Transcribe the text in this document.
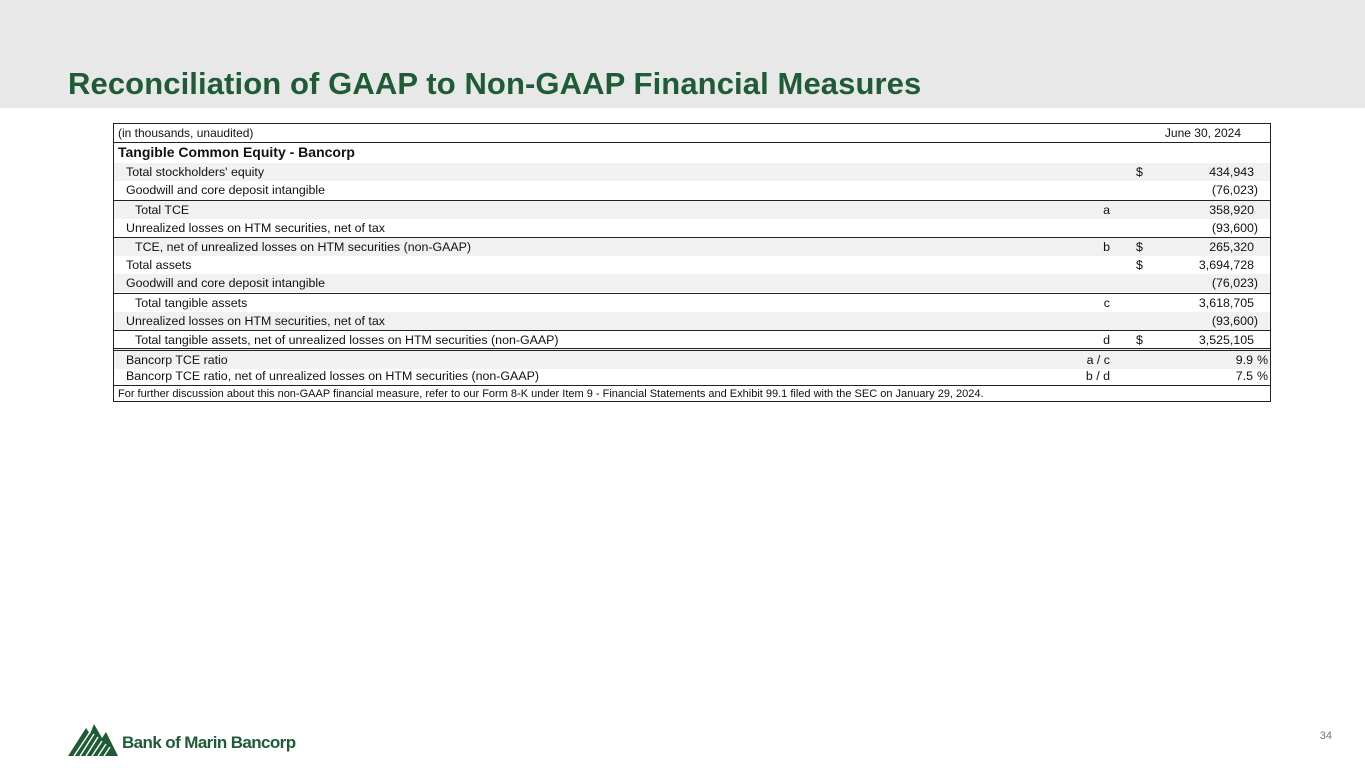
Reconciliation of GAAP to Non-GAAP Financial Measures
(in thousands, unaudited)	June 30, 2024
Tangible Common Equity - Bancorp
Total stockholders' equity	$	434,943
Goodwill and core deposit intangible	(76,023)
Total TCE	a	358,920
Unrealized losses on HTM securities, net of tax	(93,600)
TCE, net of unrealized losses on HTM securities (non-GAAP)	b $	265,320
Total assets	$	3,694,728
Goodwill and core deposit intangible	(76,023)
Total tangible assets	c	3,618,705
Unrealized losses on HTM securities, net of tax	(93,600)
Total tangible assets, net of unrealized losses on HTM securities (non-GAAP)	d $	3,525,105
Bancorp TCE ratio	a / c	9.9 %
Bancorp TCE ratio, net of unrealized losses on HTM securities (non-GAAP)	b / d	7.5 %
For further discussion about this non-GAAP financial measure, refer to our Form 8-K under Item 9 - Financial Statements and Exhibit 99.1 filed with the SEC on January 29, 2024.
Bank of Marin Bancorp	34
